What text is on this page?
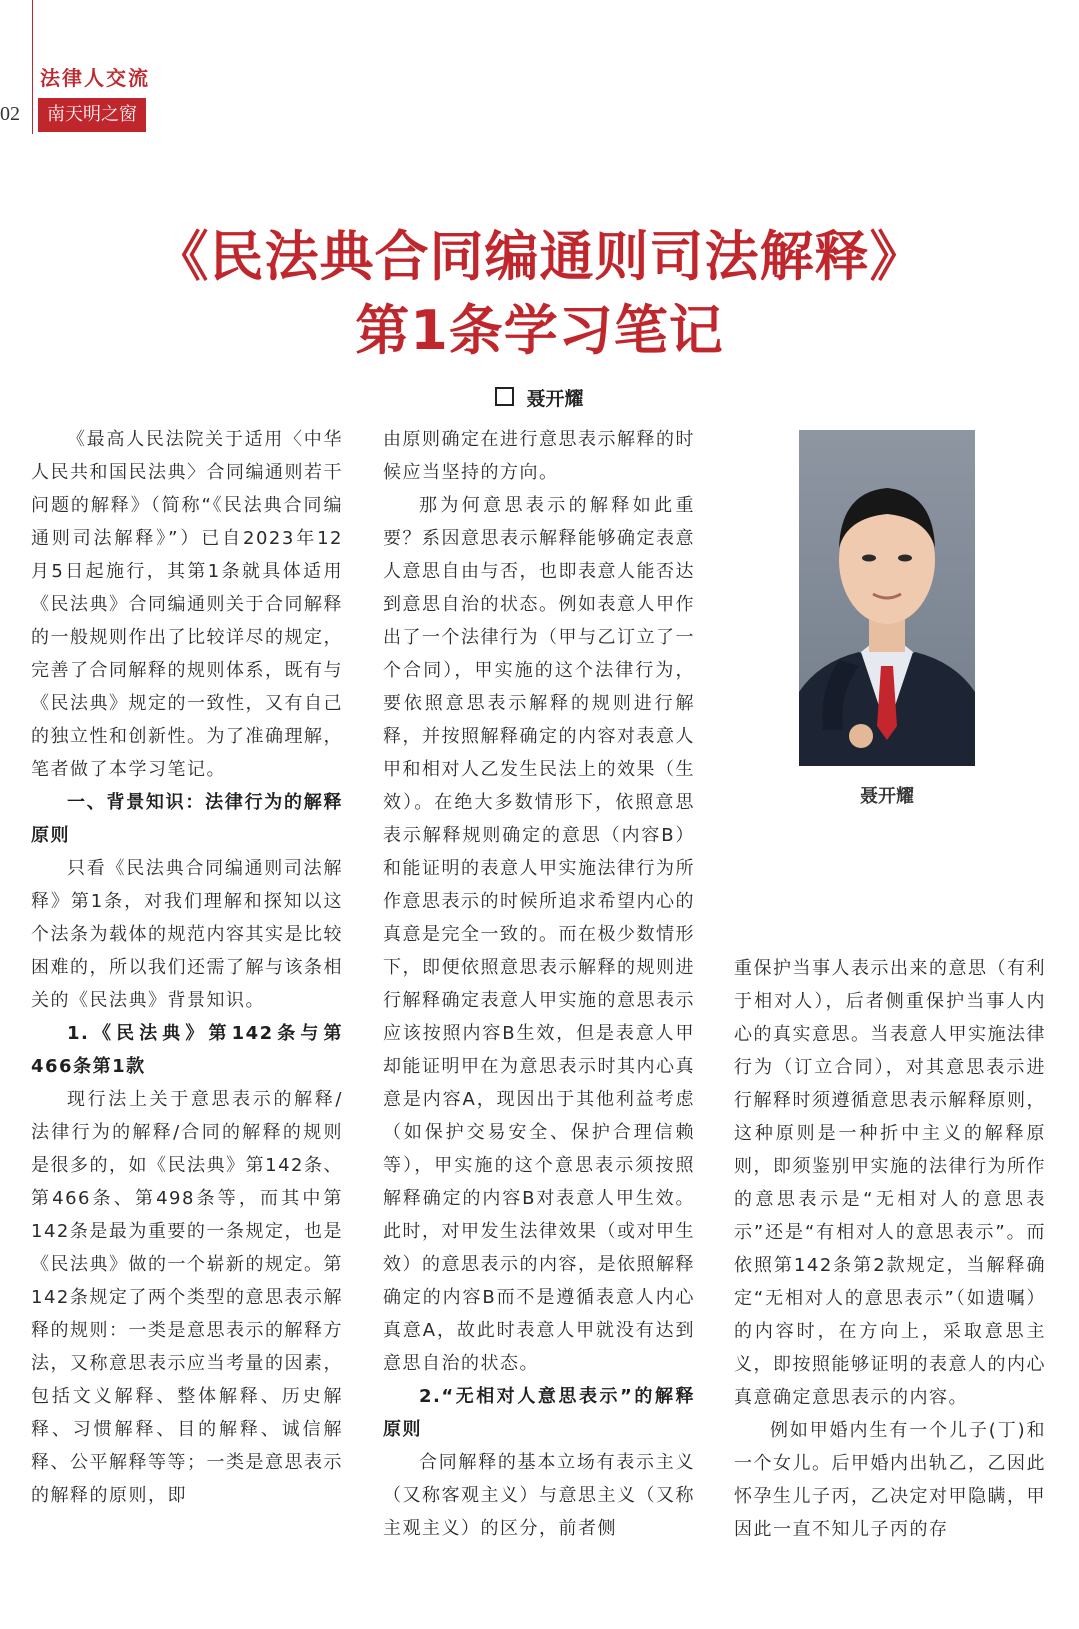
法律人交流
02	南天明之窗
《民法典合同编通则司法解释》
第1条学习笔记
聂开耀

《最高人民法院关于适用〈中华人民共和国民法典〉合同编通则若干问题的解释》（简称“《民法典合同编通则司法解释》”）已自2023年12月5日起施行，其第1条就具体适用《民法典》合同编通则关于合同解释的一般规则作出了比较详尽的规定，完善了合同解释的规则体系，既有与《民法典》规定的一致性，又有自己的独立性和创新性。为了准确理解，笔者做了本学习笔记。

一、背景知识：法律行为的解释原则

只看《民法典合同编通则司法解释》第1条，对我们理解和探知以这个法条为载体的规范内容其实是比较困难的，所以我们还需了解与该条相关的《民法典》背景知识。

1.《民法典》第142条与第466条第1款

现行法上关于意思表示的解释/法律行为的解释/合同的解释的规则是很多的，如《民法典》第142条、第466条、第498条等，而其中第142条是最为重要的一条规定，也是《民法典》做的一个崭新的规定。第142条规定了两个类型的意思表示解释的规则：一类是意思表示的解释方法，又称意思表示应当考量的因素，包括文义解释、整体解释、历史解释、习惯解释、目的解释、诚信解释、公平解释等等；一类是意思表示的解释的原则，即

由原则确定在进行意思表示解释的时候应当坚持的方向。

那为何意思表示的解释如此重要？系因意思表示解释能够确定表意人意思自由与否，也即表意人能否达到意思自治的状态。例如表意人甲作出了一个法律行为（甲与乙订立了一个合同），甲实施的这个法律行为，要依照意思表示解释的规则进行解释，并按照解释确定的内容对表意人甲和相对人乙发生民法上的效果（生效）。在绝大多数情形下，依照意思表示解释规则确定的意思（内容B）和能证明的表意人甲实施法律行为所作意思表示的时候所追求希望内心的真意是完全一致的。而在极少数情形下，即便依照意思表示解释的规则进行解释确定表意人甲实施的意思表示应该按照内容B生效，但是表意人甲却能证明甲在为意思表示时其内心真意是内容A，现因出于其他利益考虑（如保护交易安全、保护合理信赖等），甲实施的这个意思表示须按照解释确定的内容B对表意人甲生效。此时，对甲发生法律效果（或对甲生效）的意思表示的内容，是依照解释确定的内容B而不是遵循表意人内心真意A，故此时表意人甲就没有达到意思自治的状态。

2.“无相对人意思表示”的解释原则

合同解释的基本立场有表示主义（又称客观主义）与意思主义（又称主观主义）的区分，前者侧

聂开耀

重保护当事人表示出来的意思（有利于相对人），后者侧重保护当事人内心的真实意思。当表意人甲实施法律行为（订立合同），对其意思表示进行解释时须遵循意思表示解释原则，这种原则是一种折中主义的解释原则，即须鉴别甲实施的法律行为所作的意思表示是“无相对人的意思表示”还是“有相对人的意思表示”。而依照第142条第2款规定，当解释确定“无相对人的意思表示”（如遗嘱）的内容时，在方向上，采取意思主义，即按照能够证明的表意人的内心真意确定意思表示的内容。

例如甲婚内生有一个儿子(丁)和一个女儿。后甲婚内出轨乙，乙因此怀孕生儿子丙，乙决定对甲隐瞒，甲因此一直不知儿子丙的存
